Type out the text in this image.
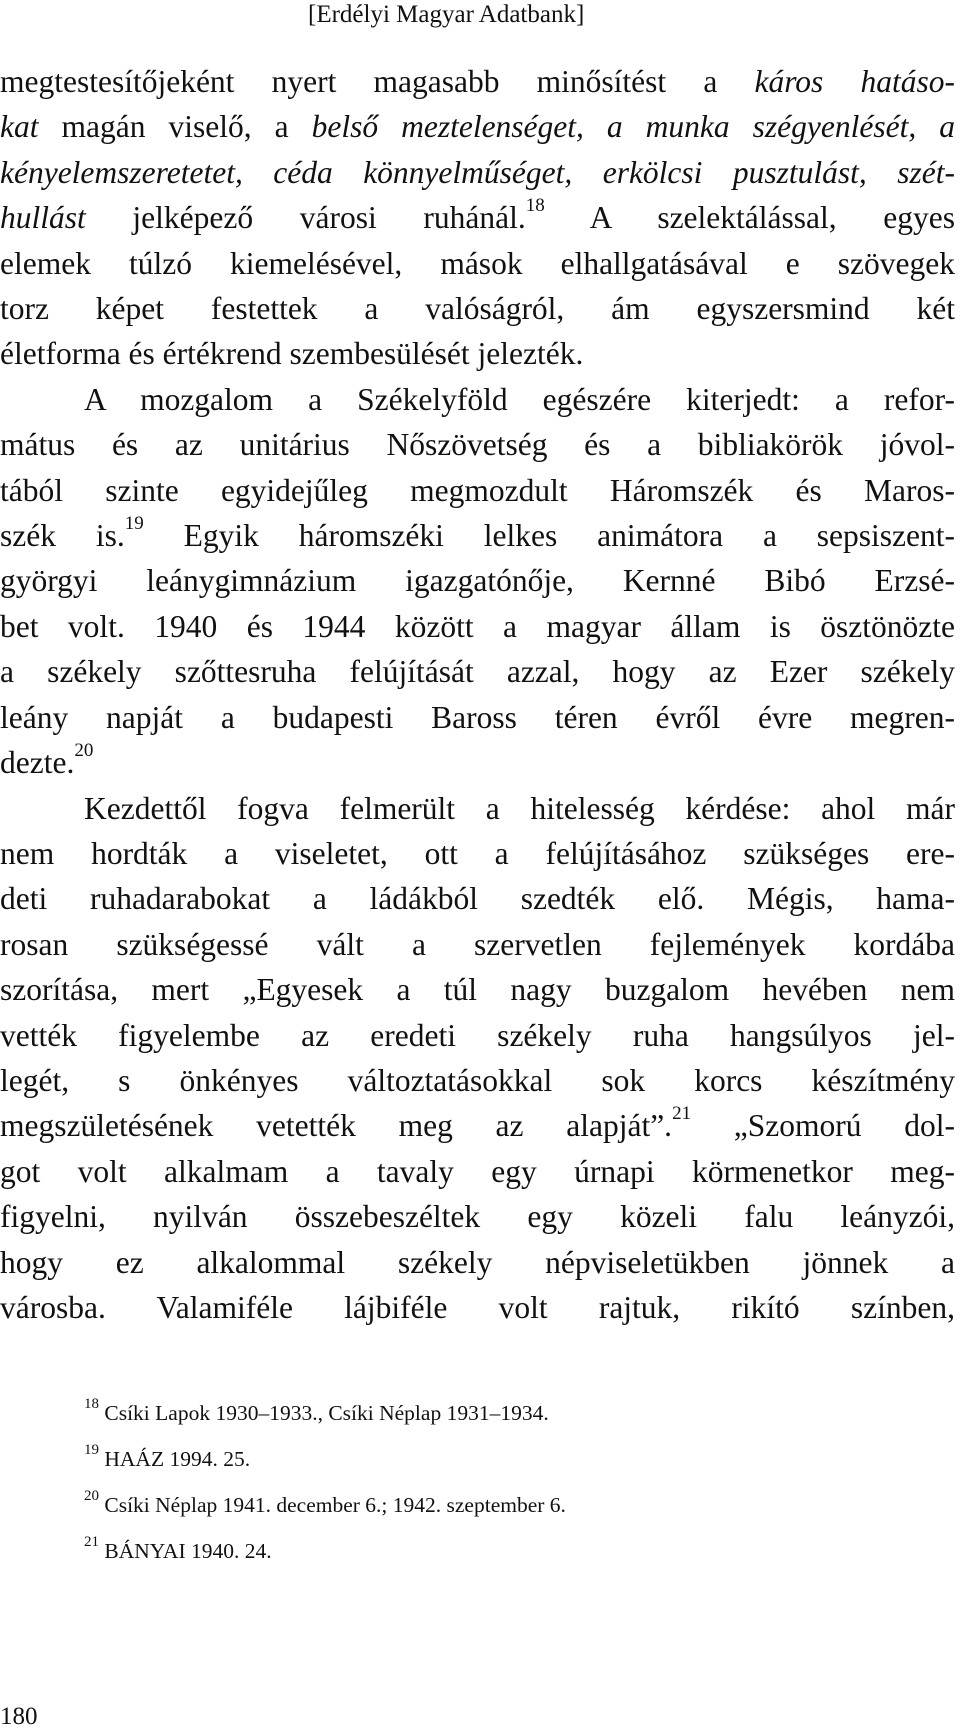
[Erdélyi Magyar Adatbank]

megtestesítőjeként nyert magasabb minősítést a káros hatáso-
kat magán viselő, a belső meztelenséget, a munka szégyenlését, a
kényelemszeretetet, céda könnyelműséget, erkölcsi pusztulást, szét-
hullást jelképező városi ruhánál.$^{18}$ A szelektálással, egyes
elemek túlzó kiemelésével, mások elhallgatásával e szövegek
torz képet festettek a valóságról, ám egyszersmind két
életforma és értékrend szembesülését jelezték.

A mozgalom a Székelyföld egészére kiterjedt: a refor-
mátus és az unitárius Nőszövetség és a bibliakörök jóvol-
tából szinte egyidejűleg megmozdult Háromszék és Maros-
szék is.$^{19}$ Egyik háromszéki lelkes animátora a sepsiszent-
györgyi leánygimnázium igazgatónője, Kernné Bibó Erzsé-
bet volt. 1940 és 1944 között a magyar állam is ösztönözte
a székely szőttesruha felújítását azzal, hogy az Ezer székely
leány napját a budapesti Baross téren évről évre megren-
dezte.$^{20}$

Kezdettől fogva felmerült a hitelesség kérdése: ahol már
nem hordták a viseletet, ott a felújításához szükséges ere-
deti ruhadarabokat a ládákból szedték elő. Mégis, hama-
rosan szükségessé vált a szervetlen fejlemények kordába
szorítása, mert „Egyesek a túl nagy buzgalom hevében nem
vették figyelembe az eredeti székely ruha hangsúlyos jel-
legét, s önkényes változtatásokkal sok korcs készítmény
megszületésének vetették meg az alapját”.$^{21}$ „Szomorú dol-
got volt alkalmam a tavaly egy úrnapi körmenetkor meg-
figyelni, nyilván összebeszéltek egy közeli falu leányzói,
hogy ez alkalommal székely népviseletükben jönnek a
városba. Valamiféle lájbiféle volt rajtuk, rikító színben,

$^{18}$ Csíki Lapok 1930–1933., Csíki Néplap 1931–1934.
$^{19}$ HAÁZ 1994. 25.
$^{20}$ Csíki Néplap 1941. december 6.; 1942. szeptember 6.
$^{21}$ BÁNYAI 1940. 24.
180
